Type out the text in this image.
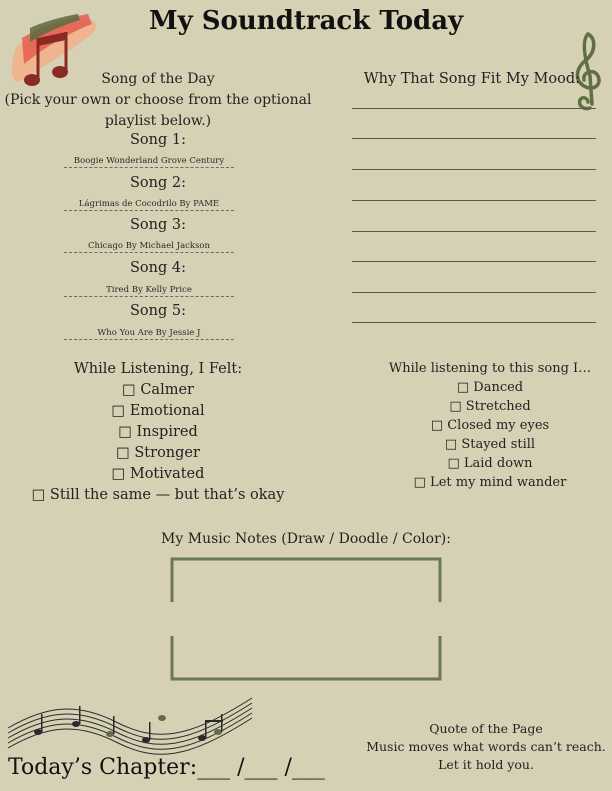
My Soundtrack Today
Song of the Day
(Pick your own or choose from the optional
playlist below.)
Song 1:
Boogie Wonderland Grove Century
Song 2:
Lágrimas de Cocodrilo By PAMÉ
Song 3:
Chicago By Michael Jackson
Song 4:
Tired By Kelly Price
Song 5:
Who You Are By Jessie J
Why That Song Fit My Mood:
While Listening, I Felt:
□ Calmer
□ Emotional
□ Inspired
□ Stronger
□ Motivated
□ Still the same — but that’s okay
While listening to this song I…
□ Danced
□ Stretched
□ Closed my eyes
□ Stayed still
□ Laid down
□ Let my mind wander
My Music Notes (Draw / Doodle / Color):
Today’s Chapter:___ /___ /___
Quote of the Page
Music moves what words can’t reach.
Let it hold you.
